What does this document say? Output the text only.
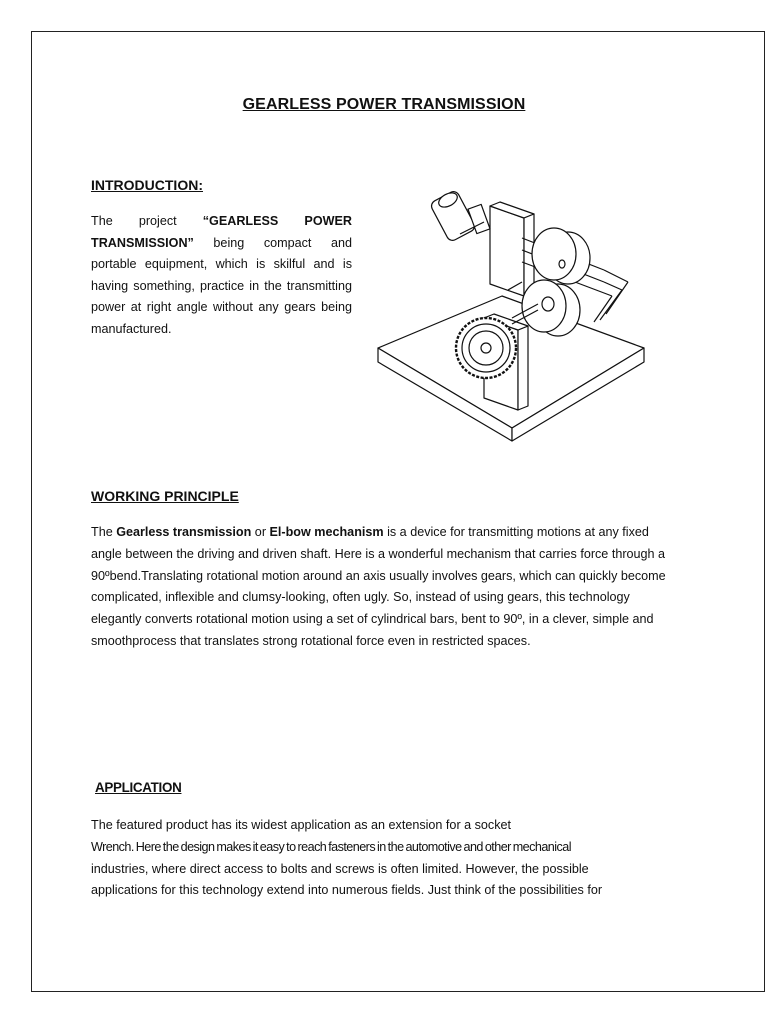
GEARLESS POWER TRANSMISSION
INTRODUCTION:
The project “GEARLESS POWER TRANSMISSION” being compact and portable equipment, which is skilful and is having something, practice in the transmitting power at right angle without any gears being manufactured.
WORKING PRINCIPLE
The Gearless transmission or El-bow mechanism is a device for transmitting motions at any fixed angle between the driving and driven shaft. Here is a wonderful mechanism that carries force through a 90ºbend.Translating rotational motion around an axis usually involves gears, which can quickly become complicated, inflexible and clumsy-looking, often ugly. So, instead of using gears, this technology elegantly converts rotational motion using a set of cylindrical bars, bent to 90º, in a clever, simple and smoothprocess that translates strong rotational force even in restricted spaces.
APPLICATION
The featured product has its widest application as an extension for a socket
Wrench. Here the design makes it easy to reach fasteners in the automotive and other mechanical
industries, where direct access to bolts and screws is often limited. However, the possible
applications for this technology extend into numerous fields. Just think of the possibilities for
